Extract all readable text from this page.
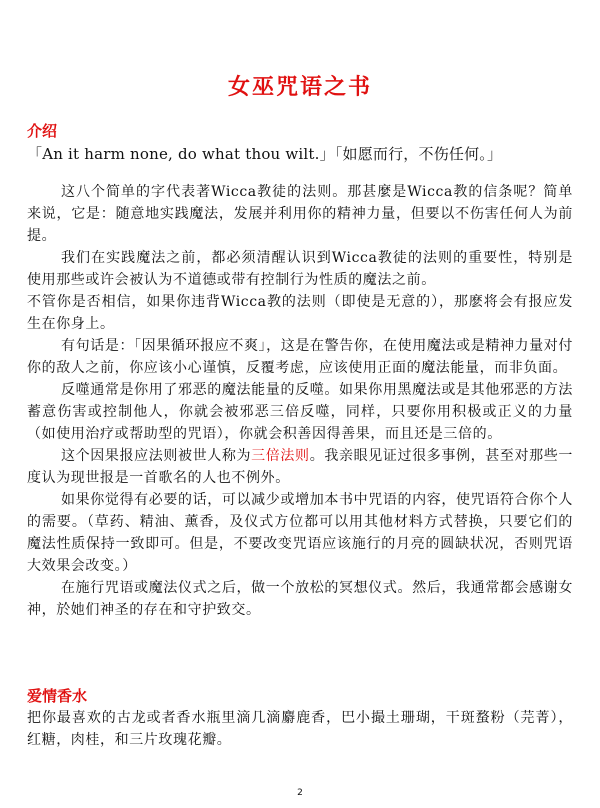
女巫咒语之书
介绍
「An it harm none, do what thou wilt.」「如愿而行，不伤任何。」

这八个简单的字代表著Wicca教徒的法则。那甚麼是Wicca教的信条呢？简单来说，它是：随意地实践魔法，发展并利用你的精神力量，但要以不伤害任何人为前提。

我们在实践魔法之前，都必须清醒认识到Wicca教徒的法则的重要性，特别是使用那些或许会被认为不道德或带有控制行为性质的魔法之前。

不管你是否相信，如果你违背Wicca教的法则（即使是无意的），那麽将会有报应发生在你身上。

有句话是：「因果循环报应不爽」，这是在警告你，在使用魔法或是精神力量对付你的敌人之前，你应该小心谨慎，反覆考虑，应该使用正面的魔法能量，而非负面。

反噬通常是你用了邪恶的魔法能量的反噬。如果你用黑魔法或是其他邪恶的方法蓄意伤害或控制他人，你就会被邪恶三倍反噬，同样，只要你用积极或正义的力量（如使用治疗或帮助型的咒语），你就会积善因得善果，而且还是三倍的。

这个因果报应法则被世人称为三倍法则。我亲眼见证过很多事例，甚至对那些一度认为现世报是一首歌名的人也不例外。

如果你觉得有必要的话，可以减少或增加本书中咒语的内容，使咒语符合你个人的需要。（草药、精油、薰香，及仪式方位都可以用其他材料方式替换，只要它们的魔法性质保持一致即可。但是，不要改变咒语应该施行的月亮的圆缺状况，否则咒语大效果会改变。）

在施行咒语或魔法仪式之后，做一个放松的冥想仪式。然后，我通常都会感谢女神，於她们神圣的存在和守护致交。

爱情香水

把你最喜欢的古龙或者香水瓶里滴几滴麝鹿香，巴小撮土珊瑚，干斑蝥粉（芫菁），红糖，肉桂，和三片玫瑰花瓣。

2
